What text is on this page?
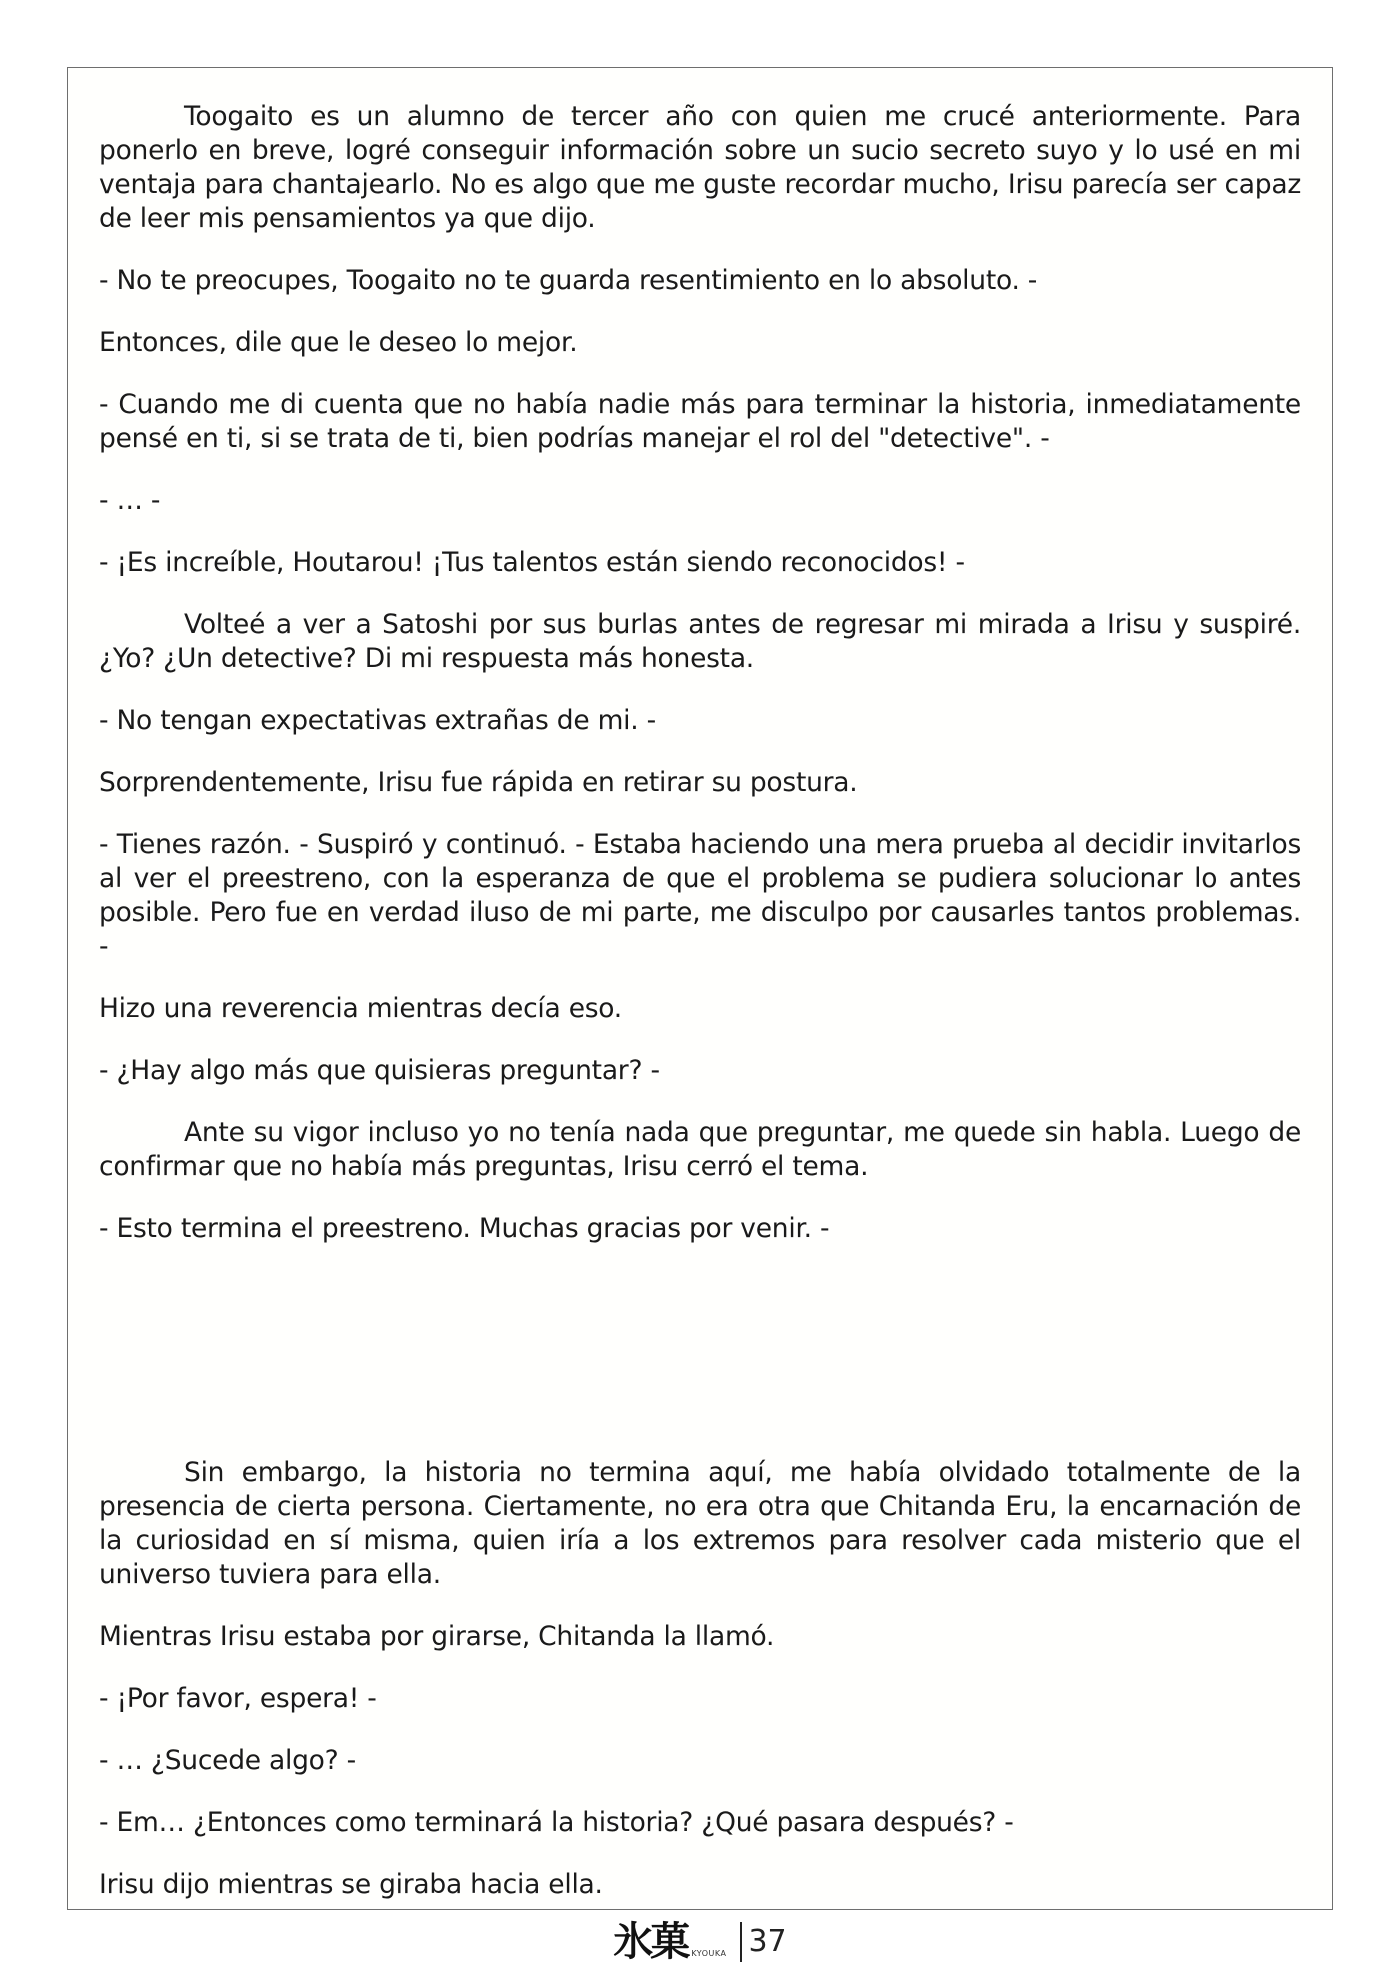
Toogaito es un alumno de tercer año con quien me crucé anteriormente. Para ponerlo en breve, logré conseguir información sobre un sucio secreto suyo y lo usé en mi ventaja para chantajearlo. No es algo que me guste recordar mucho, Irisu parecía ser capaz de leer mis pensamientos ya que dijo.

- No te preocupes, Toogaito no te guarda resentimiento en lo absoluto. -

Entonces, dile que le deseo lo mejor.

- Cuando me di cuenta que no había nadie más para terminar la historia, inmediatamente pensé en ti, si se trata de ti, bien podrías manejar el rol del "detective". -

- … -

- ¡Es increíble, Houtarou! ¡Tus talentos están siendo reconocidos! -

Volteé a ver a Satoshi por sus burlas antes de regresar mi mirada a Irisu y suspiré. ¿Yo? ¿Un detective? Di mi respuesta más honesta.

- No tengan expectativas extrañas de mi. -

Sorprendentemente, Irisu fue rápida en retirar su postura.

- Tienes razón. - Suspiró y continuó. - Estaba haciendo una mera prueba al decidir invitarlos al ver el preestreno, con la esperanza de que el problema se pudiera solucionar lo antes posible. Pero fue en verdad iluso de mi parte, me disculpo por causarles tantos problemas. -

Hizo una reverencia mientras decía eso.

- ¿Hay algo más que quisieras preguntar? -

Ante su vigor incluso yo no tenía nada que preguntar, me quede sin habla. Luego de confirmar que no había más preguntas, Irisu cerró el tema.

- Esto termina el preestreno. Muchas gracias por venir. -

Sin embargo, la historia no termina aquí, me había olvidado totalmente de la presencia de cierta persona. Ciertamente, no era otra que Chitanda Eru, la encarnación de la curiosidad en sí misma, quien iría a los extremos para resolver cada misterio que el universo tuviera para ella.

Mientras Irisu estaba por girarse, Chitanda la llamó.

- ¡Por favor, espera! -

- … ¿Sucede algo? -

- Em… ¿Entonces como terminará la historia? ¿Qué pasara después? -

Irisu dijo mientras se giraba hacia ella.

氷菓 KYOUKA 37
